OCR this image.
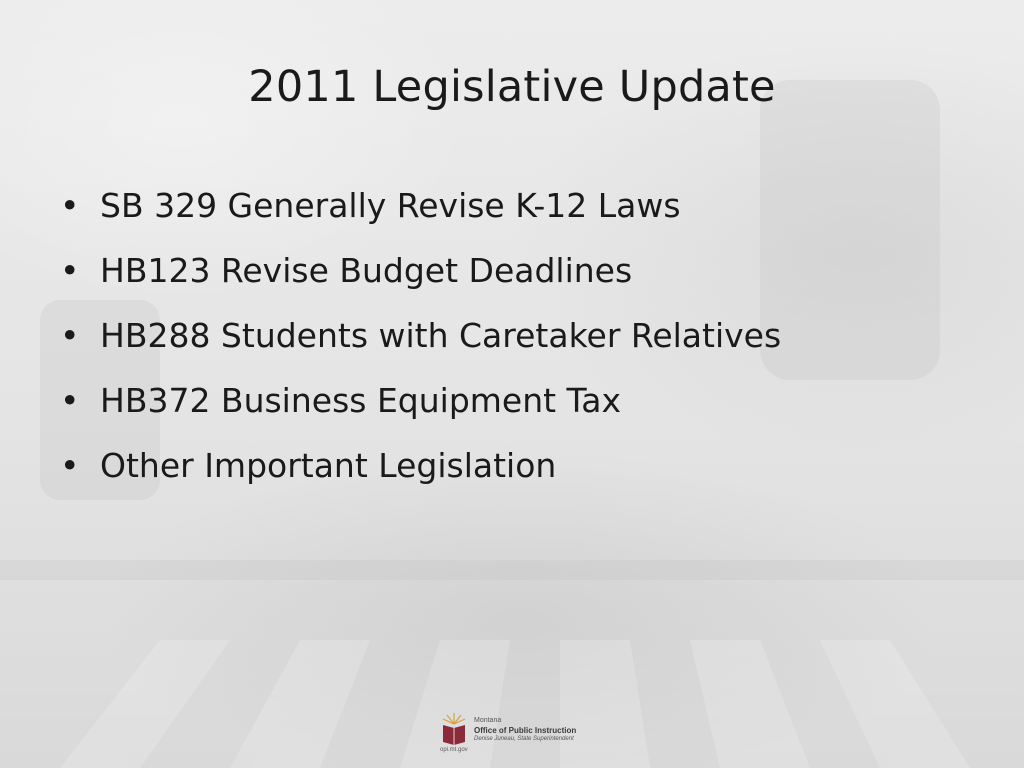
2011 Legislative Update
• SB 329 Generally Revise K-12 Laws
• HB123 Revise Budget Deadlines
• HB288 Students with Caretaker Relatives
• HB372 Business Equipment Tax
• Other Important Legislation
opi.mt.gov
Montana
Office of Public Instruction
Denise Juneau, State Superintendent
